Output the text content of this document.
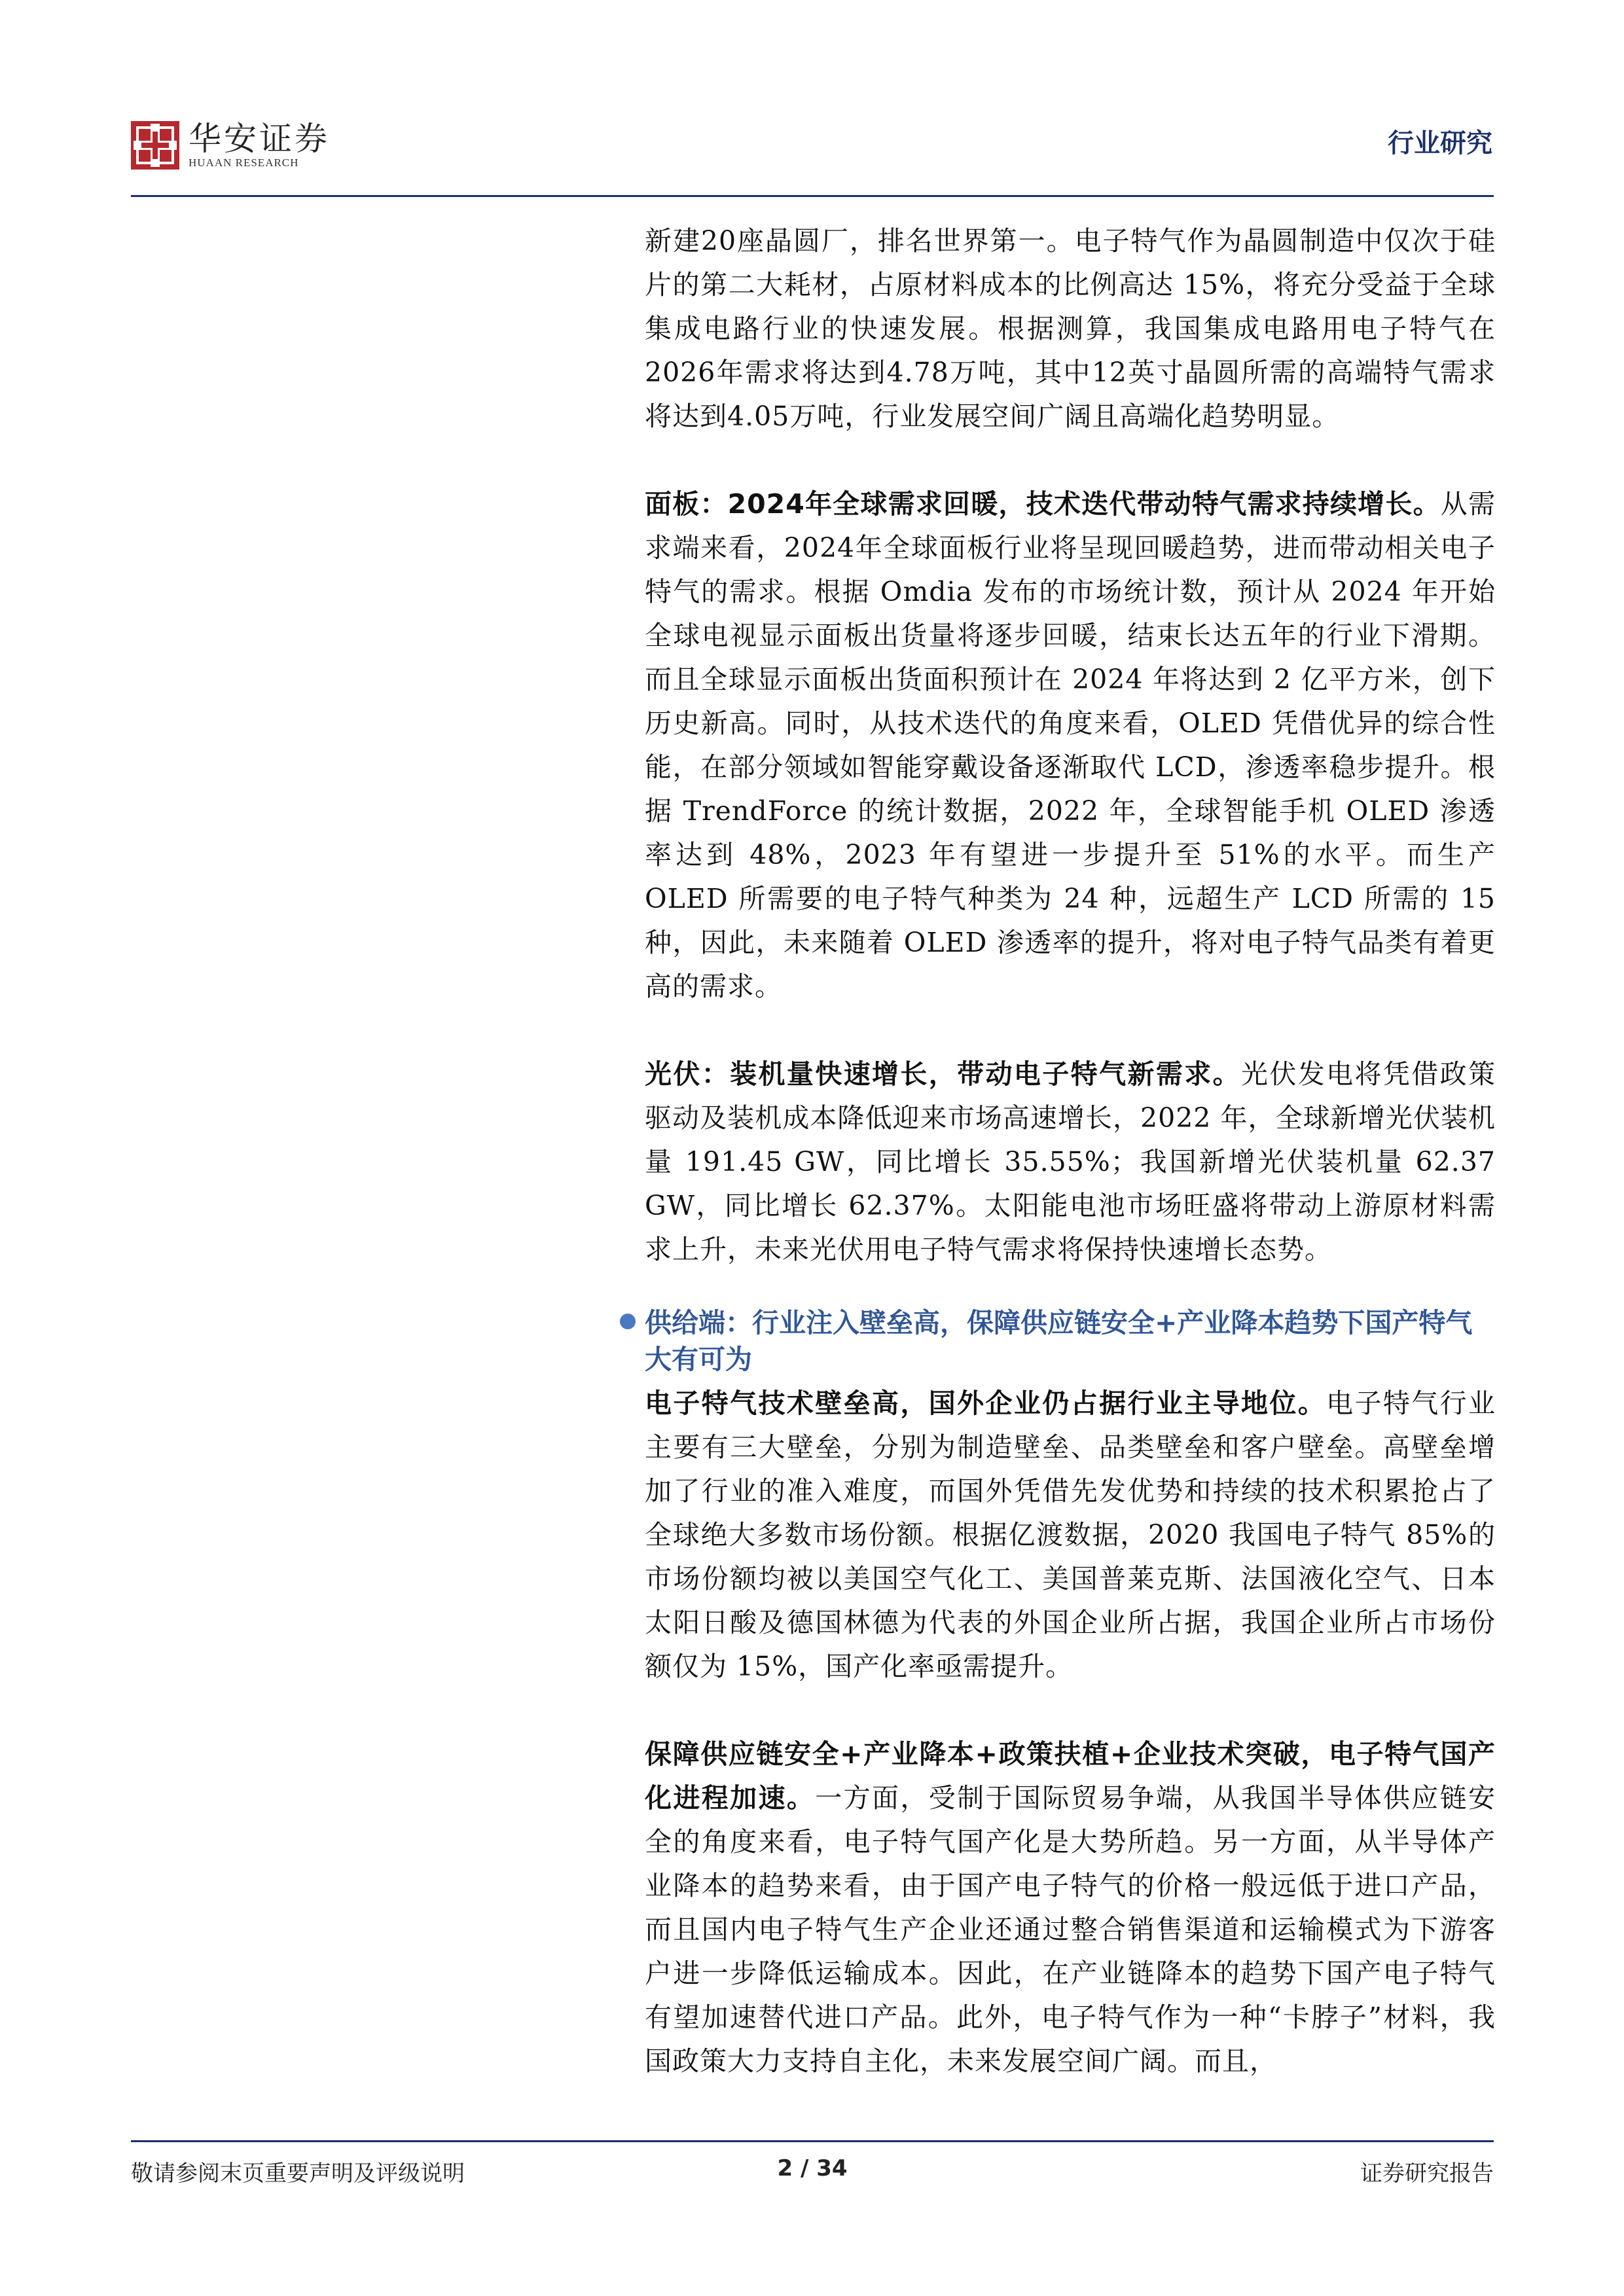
华安证券
HUAAN RESEARCH
行业研究

新建20座晶圆厂，排名世界第一。电子特气作为晶圆制造中仅次于硅片的第二大耗材，占原材料成本的比例高达 15%，将充分受益于全球集成电路行业的快速发展。根据测算，我国集成电路用电子特气在2026年需求将达到4.78万吨，其中12英寸晶圆所需的高端特气需求将达到4.05万吨，行业发展空间广阔且高端化趋势明显。

面板：2024年全球需求回暖，技术迭代带动特气需求持续增长。从需求端来看，2024年全球面板行业将呈现回暖趋势，进而带动相关电子特气的需求。根据 Omdia 发布的市场统计数，预计从 2024 年开始全球电视显示面板出货量将逐步回暖，结束长达五年的行业下滑期。而且全球显示面板出货面积预计在 2024 年将达到 2 亿平方米，创下历史新高。同时，从技术迭代的角度来看，OLED 凭借优异的综合性能，在部分领域如智能穿戴设备逐渐取代 LCD，渗透率稳步提升。根据 TrendForce 的统计数据，2022 年，全球智能手机 OLED 渗透率达到 48%，2023 年有望进一步提升至 51%的水平。而生产 OLED 所需要的电子特气种类为 24 种，远超生产 LCD 所需的 15 种，因此，未来随着 OLED 渗透率的提升，将对电子特气品类有着更高的需求。

光伏：装机量快速增长，带动电子特气新需求。光伏发电将凭借政策驱动及装机成本降低迎来市场高速增长，2022 年，全球新增光伏装机量 191.45 GW，同比增长 35.55%；我国新增光伏装机量 62.37 GW，同比增长 62.37%。太阳能电池市场旺盛将带动上游原材料需求上升，未来光伏用电子特气需求将保持快速增长态势。

供给端：行业注入壁垒高，保障供应链安全+产业降本趋势下国产特气大有可为

电子特气技术壁垒高，国外企业仍占据行业主导地位。电子特气行业主要有三大壁垒，分别为制造壁垒、品类壁垒和客户壁垒。高壁垒增加了行业的准入难度，而国外凭借先发优势和持续的技术积累抢占了全球绝大多数市场份额。根据亿渡数据，2020 我国电子特气 85%的市场份额均被以美国空气化工、美国普莱克斯、法国液化空气、日本太阳日酸及德国林德为代表的外国企业所占据，我国企业所占市场份额仅为 15%，国产化率亟需提升。

保障供应链安全+产业降本+政策扶植+企业技术突破，电子特气国产化进程加速。一方面，受制于国际贸易争端，从我国半导体供应链安全的角度来看，电子特气国产化是大势所趋。另一方面，从半导体产业降本的趋势来看，由于国产电子特气的价格一般远低于进口产品，而且国内电子特气生产企业还通过整合销售渠道和运输模式为下游客户进一步降低运输成本。因此，在产业链降本的趋势下国产电子特气有望加速替代进口产品。此外，电子特气作为一种“卡脖子”材料，我国政策大力支持自主化，未来发展空间广阔。而且，

敬请参阅末页重要声明及评级说明	2 / 34	证券研究报告
